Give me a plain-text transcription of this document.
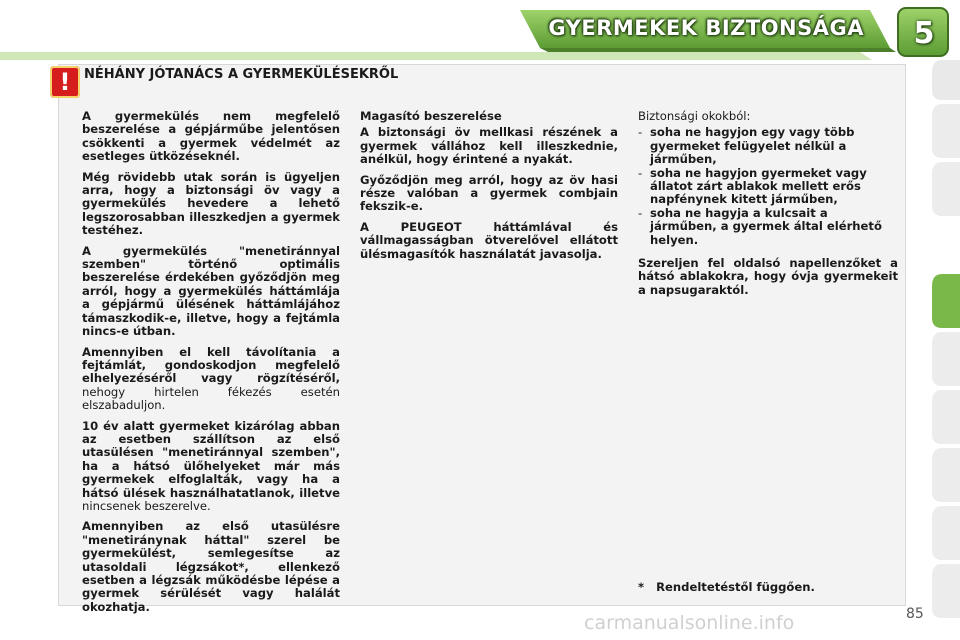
GYERMEKEK BIZTONSÁGA	5
!	NÉHÁNY JÓTANÁCS A GYERMEKÜLÉSEKRŐL

A gyermekülés nem megfelelő beszerelése a gépjárműbe jelentősen csökkenti a gyermek védelmét az esetleges ütközéseknél.

Még rövidebb utak során is ügyeljen arra, hogy a biztonsági öv vagy a gyermekülés hevedere a lehető legszorosabban illeszkedjen a gyermek testéhez.

A gyermekülés "menetiránnyal szemben" történő optimális beszerelése érdekében győződjön meg arról, hogy a gyermekülés háttámlája a gépjármű ülésének háttámlájához támaszkodik-e, illetve, hogy a fejtámla nincs-e útban.

Amennyiben el kell távolítania a fejtámlát, gondoskodjon megfelelő elhelyezéséről vagy rögzítéséről, nehogy hirtelen fékezés esetén elszabaduljon.

10 év alatt gyermeket kizárólag abban az esetben szállítson az első utasülésen "menetiránnyal szemben", ha a hátsó ülőhelyeket már más gyermekek elfoglalták, vagy ha a hátsó ülések használhatatlanok, illetve nincsenek beszerelve.

Amennyiben az első utasülésre "menetiránynak háttal" szerel be gyermekülést, semlegesítse az utasoldali légzsákot*, ellenkező esetben a légzsák működésbe lépése a gyermek sérülését vagy halálát okozhatja.

Magasító beszerelése

A biztonsági öv mellkasi részének a gyermek vállához kell illeszkednie, anélkül, hogy érintené a nyakát.

Győződjön meg arról, hogy az öv hasi része valóban a gyermek combjain fekszik-e.

A PEUGEOT háttámlával és vállmagasságban ötverelővel ellátott ülésmagasítók használatát javasolja.

Biztonsági okokból:

- soha ne hagyjon egy vagy több gyermeket felügyelet nélkül a járműben,
- soha ne hagyjon gyermeket vagy állatot zárt ablakok mellett erős napfénynek kitett járműben,
- soha ne hagyja a kulcsait a járműben, a gyermek által elérhető helyen.

Szereljen fel oldalsó napellenzőket a hátsó ablakokra, hogy óvja gyermekeit a napsugaraktól.

* Rendeltetéstől függően.
carmanualsonline.info	85
